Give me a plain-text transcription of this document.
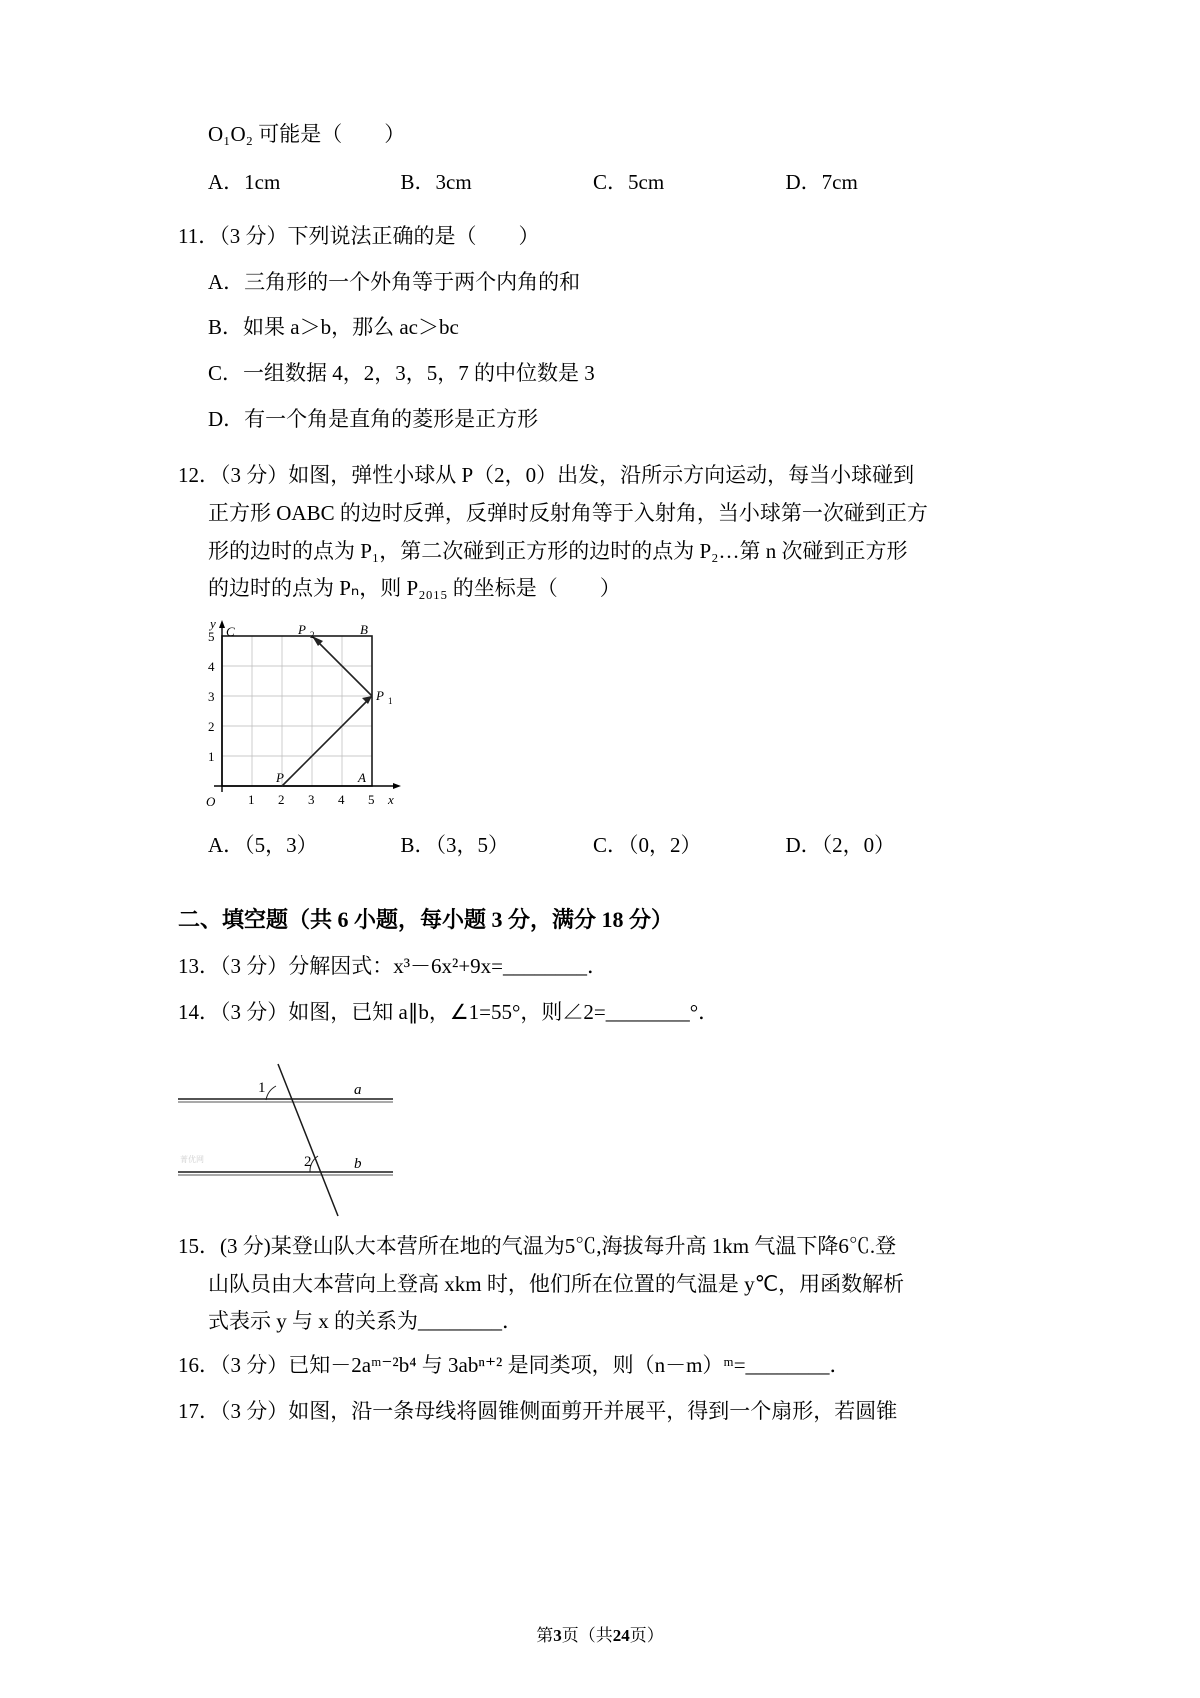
O₁O₂ 可能是（        ）
A．1cm	B．3cm	C．5cm	D．7cm
11．（3 分）下列说法正确的是（        ）
A．三角形的一个外角等于两个内角的和
B．如果 a＞b，那么 ac＞bc
C．一组数据 4，2，3，5，7 的中位数是 3
D．有一个角是直角的菱形是正方形
12．（3 分）如图，弹性小球从 P（2，0）出发，沿所示方向运动，每当小球碰到
正方形 OABC 的边时反弹，反弹时反射角等于入射角，当小球第一次碰到正方
形的边时的点为 P₁，第二次碰到正方形的边时的点为 P₂…第 n 次碰到正方形
的边时的点为 Pₙ，则 P₂₀₁₅ 的坐标是（        ）
5
4
3
2
1
O	1 2 3 4 5 x
y
C	B
A
P
P 1
P 2
A．（5，3）	B．（3，5）	C．（0，2）	D．（2，0）
二、填空题（共 6 小题，每小题 3 分，满分 18 分）
13．（3 分）分解因式：x³－6x²+9x=________．
14．（3 分）如图，已知 a∥b，∠1=55°，则∠2=________°．
1
2
a
b
菁优网
15．(3 分)某登山队大本营所在地的气温为5℃,海拔每升高 1km 气温下降6℃.登
山队员由大本营向上登高 xkm 时，他们所在位置的气温是 y℃，用函数解析
式表示 y 与 x 的关系为________．
16．（3 分）已知－2aᵐ⁻²b⁴ 与 3abⁿ⁺² 是同类项，则（n－m）ᵐ=________．
17．（3 分）如图，沿一条母线将圆锥侧面剪开并展平，得到一个扇形，若圆锥
第3页（共24页）
